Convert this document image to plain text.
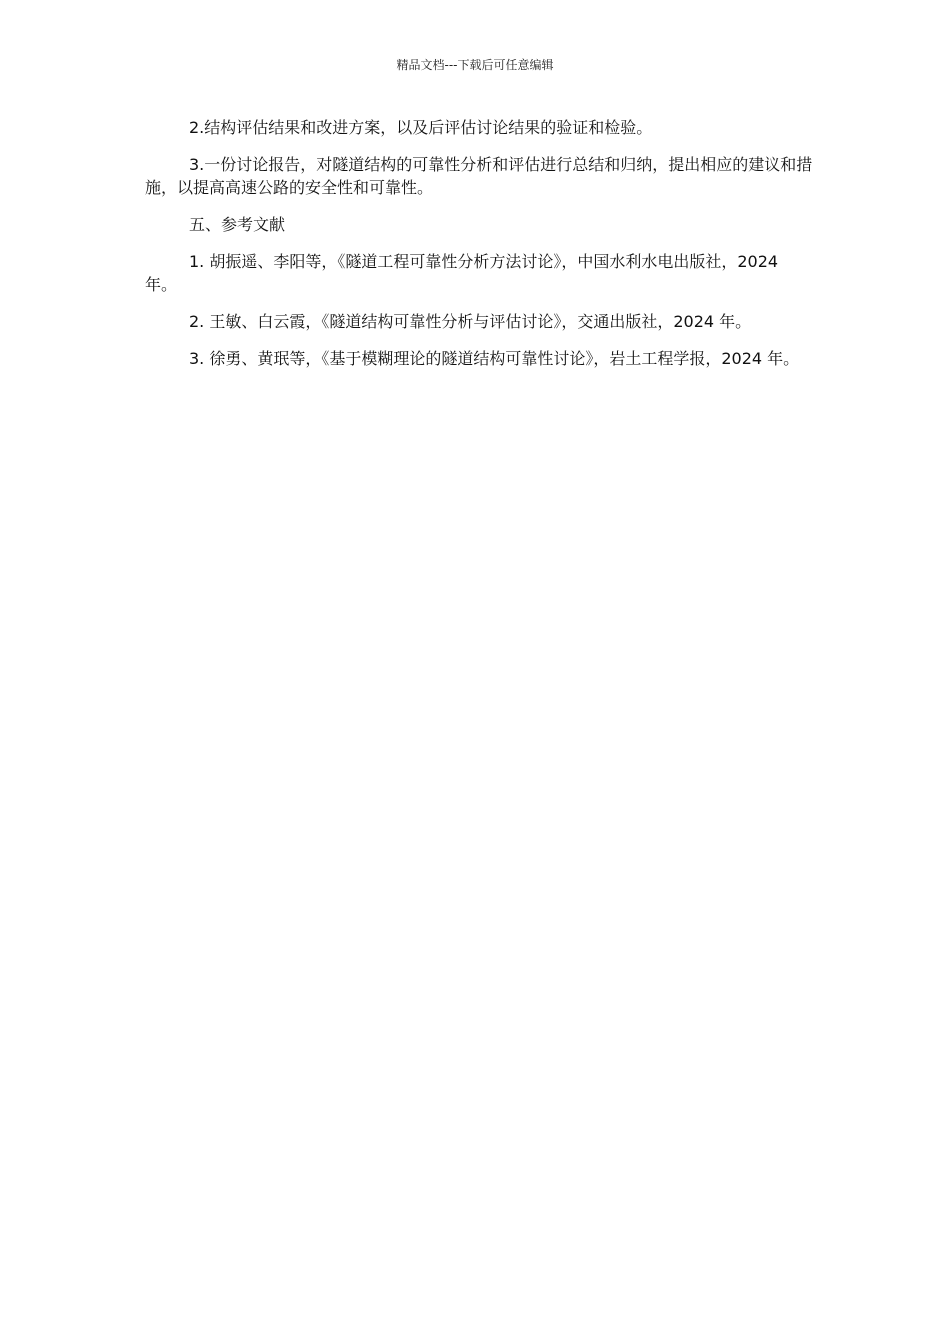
精品文档---下载后可任意编辑

2.结构评估结果和改进方案，以及后评估讨论结果的验证和检验。

3.一份讨论报告，对隧道结构的可靠性分析和评估进行总结和归纳，提出相应的建议和措施，以提高高速公路的安全性和可靠性。

五、参考文献

1. 胡振遥、李阳等，《隧道工程可靠性分析方法讨论》，中国水利水电出版社，2024 年。

2. 王敏、白云霞，《隧道结构可靠性分析与评估讨论》，交通出版社，2024 年。

3. 徐勇、黄珉等，《基于模糊理论的隧道结构可靠性讨论》，岩土工程学报，2024 年。
